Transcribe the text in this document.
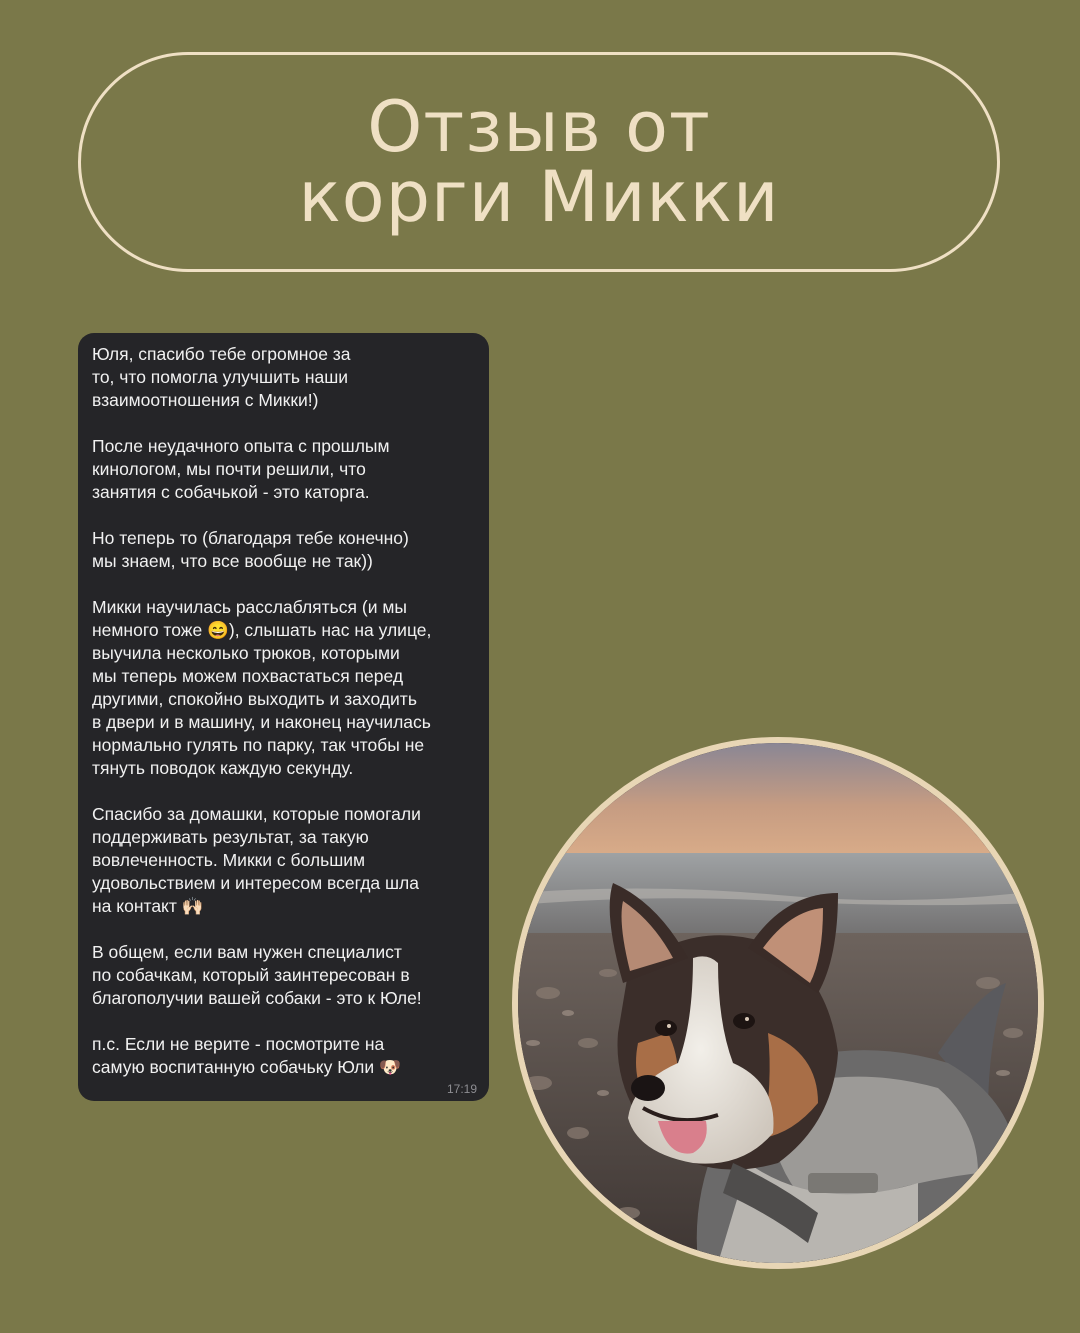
Отзыв от
корги Микки

Юля, спасибо тебе огромное за
то, что помогла улучшить наши
взаимоотношения с Микки!)

После неудачного опыта с прошлым
кинологом, мы почти решили, что
занятия с собачькой - это каторга.

Но теперь то (благодаря тебе конечно)
мы знаем, что все вообще не так))

Микки научилась расслабляться (и мы
немного тоже 😄), слышать нас на улице,
выучила несколько трюков, которыми
мы теперь можем похвастаться перед
другими, спокойно выходить и заходить
в двери и в машину, и наконец научилась
нормально гулять по парку, так чтобы не
тянуть поводок каждую секунду.

Спасибо за домашки, которые помогали
поддерживать результат, за такую
вовлеченность. Микки с большим
удовольствием и интересом всегда шла
на контакт 🙌🏻

В общем, если вам нужен специалист
по собачкам, который заинтересован в
благополучии вашей собаки - это к Юле!

п.с. Если не верите - посмотрите на
самую воспитанную собачьку Юли 🐶

17:19
